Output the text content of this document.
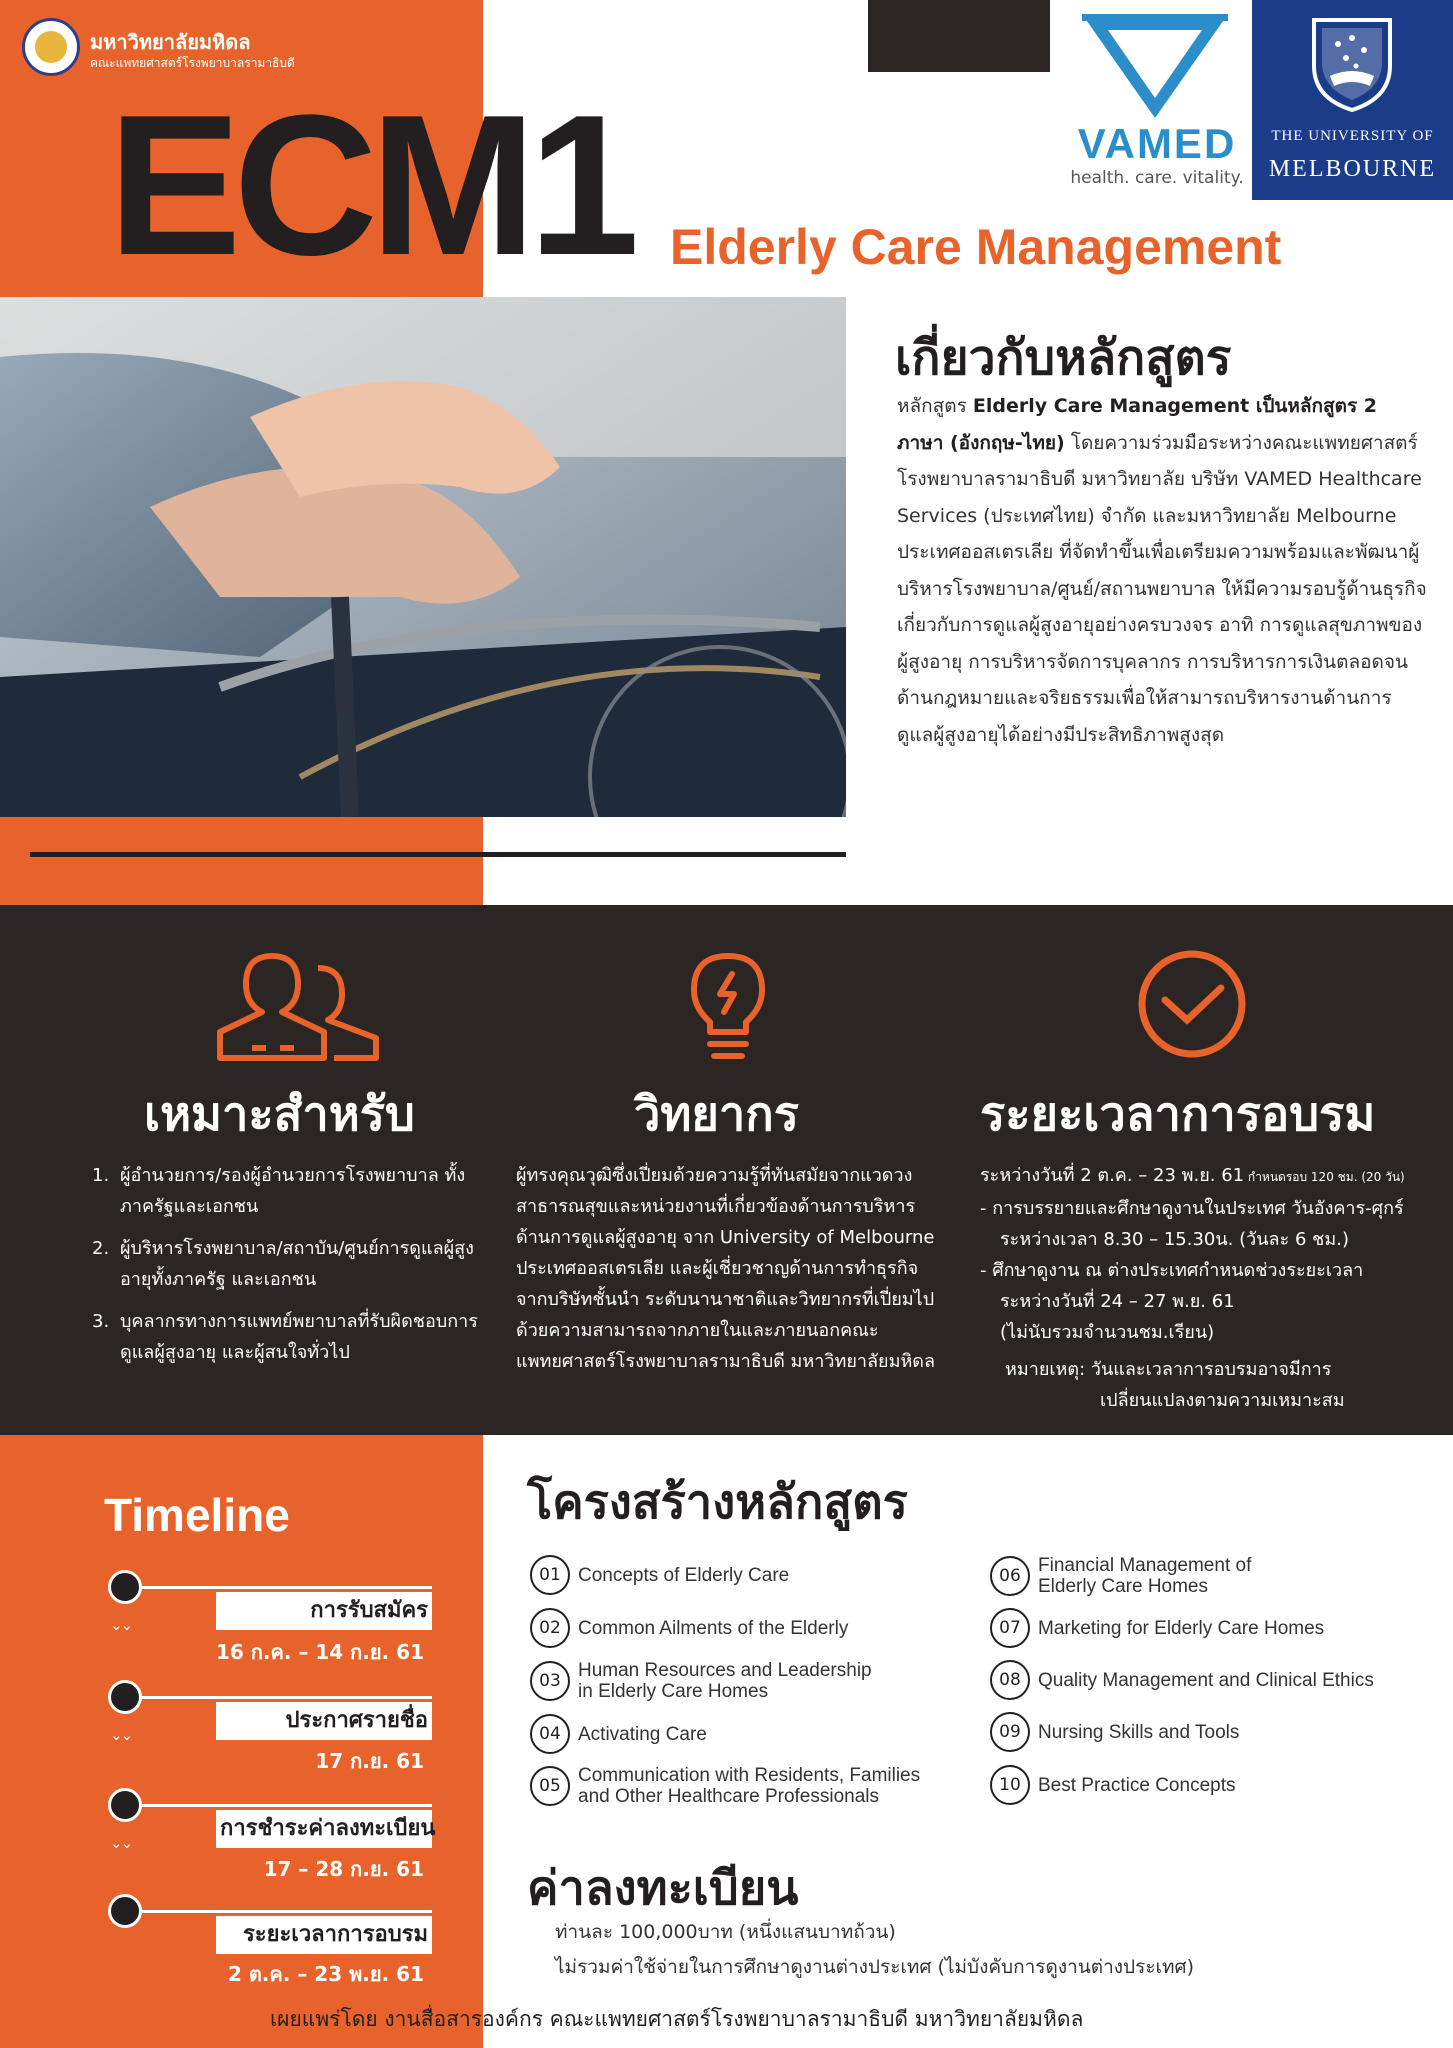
มหาวิทยาลัยมหิดล
คณะแพทยศาสตร์โรงพยาบาลรามาธิบดี
ECM1 Elderly Care Management
VAMED
health. care. vitality.
THE UNIVERSITY OF
MELBOURNE
เกี่ยวกับหลักสูตร
หลักสูตร Elderly Care Management เป็นหลักสูตร 2 ภาษา (อังกฤษ-ไทย) โดยความร่วมมือระหว่างคณะแพทยศาสตร์โรงพยาบาลรามาธิบดี มหาวิทยาลัย บริษัท VAMED Healthcare Services (ประเทศไทย) จำกัด และมหาวิทยาลัย Melbourne ประเทศออสเตรเลีย ที่จัดทำขึ้นเพื่อเตรียมความพร้อมและพัฒนาผู้บริหารโรงพยาบาล/ศูนย์/สถานพยาบาล ให้มีความรอบรู้ด้านธุรกิจเกี่ยวกับการดูแลผู้สูงอายุอย่างครบวงจร อาทิ การดูแลสุขภาพของผู้สูงอายุ การบริหารจัดการบุคลากร การบริหารการเงินตลอดจนด้านกฎหมายและจริยธรรมเพื่อให้สามารถบริหารงานด้านการดูแลผู้สูงอายุได้อย่างมีประสิทธิภาพสูงสุด
เหมาะสำหรับ
1. ผู้อำนวยการ/รองผู้อำนวยการโรงพยาบาล ทั้งภาครัฐและเอกชน
2. ผู้บริหารโรงพยาบาล/สถาบัน/ศูนย์การดูแลผู้สูงอายุทั้งภาครัฐ และเอกชน
3. บุคลากรทางการแพทย์พยาบาลที่รับผิดชอบการดูแลผู้สูงอายุ และผู้สนใจทั่วไป
วิทยากร
ผู้ทรงคุณวุฒิซึ่งเปี่ยมด้วยความรู้ที่ทันสมัยจากแวดวงสาธารณสุขและหน่วยงานที่เกี่ยวข้องด้านการบริหารด้านการดูแลผู้สูงอายุ จาก University of Melbourne ประเทศออสเตรเลีย และผู้เชี่ยวชาญด้านการทำธุรกิจจากบริษัทชั้นนำ ระดับนานาชาติและวิทยากรที่เปี่ยมไปด้วยความสามารถจากภายในและภายนอกคณะแพทยศาสตร์โรงพยาบาลรามาธิบดี มหาวิทยาลัยมหิดล
ระยะเวลาการอบรม
ระหว่างวันที่ 2 ต.ค. – 23 พ.ย. 61 กำหนดรอบ 120 ชม. (20 วัน)
- การบรรยายและศึกษาดูงานในประเทศ วันอังคาร-ศุกร์
ระหว่างเวลา 8.30 – 15.30น. (วันละ 6 ชม.)
- ศึกษาดูงาน ณ ต่างประเทศกำหนดช่วงระยะเวลา
ระหว่างวันที่ 24 – 27 พ.ย. 61
(ไม่นับรวมจำนวนชม.เรียน)
หมายเหตุ: วันและเวลาการอบรมอาจมีการ
เปลี่ยนแปลงตามความเหมาะสม
Timeline
⌄⌄
การรับสมัคร
16 ก.ค. – 14 ก.ย. 61
⌄⌄
ประกาศรายชื่อ
17 ก.ย. 61
⌄⌄
การชำระค่าลงทะเบียน
17 – 28 ก.ย. 61
ระยะเวลาการอบรม
2 ต.ค. – 23 พ.ย. 61
โครงสร้างหลักสูตร
01 Concepts of Elderly Care
02 Common Ailments of the Elderly
03 Human Resources and Leadership
in Elderly Care Homes
04 Activating Care
05 Communication with Residents, Families
and Other Healthcare Professionals
06 Financial Management of
Elderly Care Homes
07 Marketing for Elderly Care Homes
08 Quality Management and Clinical Ethics
09 Nursing Skills and Tools
10 Best Practice Concepts
ค่าลงทะเบียน
ท่านละ 100,000บาท (หนึ่งแสนบาทถ้วน)
ไม่รวมค่าใช้จ่ายในการศึกษาดูงานต่างประเทศ (ไม่บังคับการดูงานต่างประเทศ)
เผยแพร่โดย งานสื่อสารองค์กร คณะแพทยศาสตร์โรงพยาบาลรามาธิบดี มหาวิทยาลัยมหิดล
